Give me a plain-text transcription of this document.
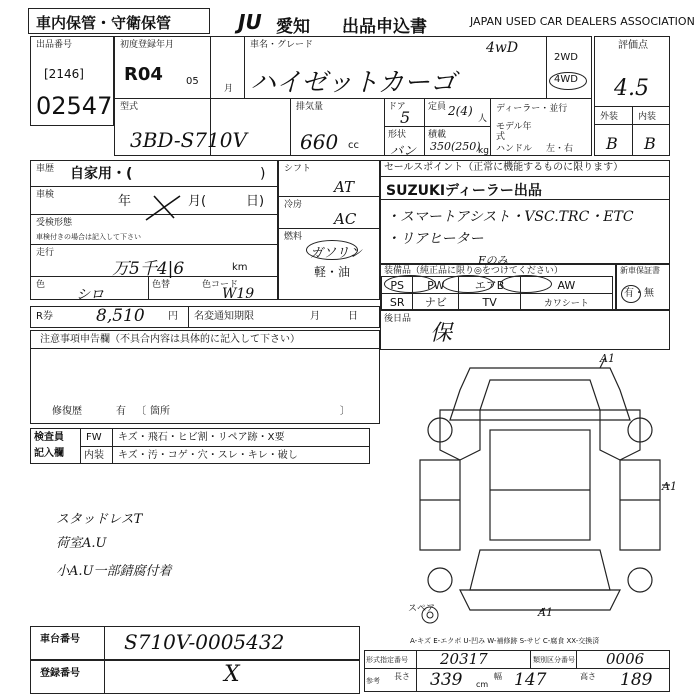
車内保管・守衛保管	JU 愛知 出品申込書	JAPAN USED CAR DEALERS ASSOCIATION
出品番号
[2146]
02547
初度登録年月
R04 05
月
車名・グレード
ハイゼットカーゴ
4wD
2WD
4WD
評価点
4.5
外装 内装
B B
型式
3BD-S710V
排気量
660 cc
ドア
5
定員 2(4)
人
形状
バン
積載
350(250)
kg
ディーラー・並行
モデル年式
ハンドル 左・右
車歴 自家用・(	)
車検	年	月(	日)
受検形態
車検付きの場合は記入して下さい
走行
万5千4|6	km
色
シロ
色替	色コード
W19
シフト
AT
冷房
AC
燃料
ガソリン
軽・油
セールスポイント（正常に機能するものに限ります）
SUZUKIディーラー出品
・スマートアシスト・VSC.TRC・ETC
・リアヒーター
装備品（純正品に限り◎をつけてください）
Fのみ
PS	PW	エアB	AW
SR	ナビ	TV	カワシート
新車保証書
有・無
R券	8,510 円 名変通知期限	月	日	後日品
保
注意事項申告欄（不具合内容は具体的に記入して下さい）
修復歴	有 〔 箇所	〕
検査員
記入欄
FW キズ・飛石・ヒビ割・リペア跡・X要
内装 キズ・汚・コゲ・穴・スレ・キレ・破し
スタッドレスT
荷室A.U
小A.U一部錆腐付着
A1
A1
A1
スペア
A-キズ E-エクボ U-凹み W-補修跡 S-サビ C-腐食 XX-交換済
車台番号 S710V-0005432
登録番号	X
形式指定番号 20317	類別区分番号 0006
参考 長さ 339 cm
幅 147	高さ 189
